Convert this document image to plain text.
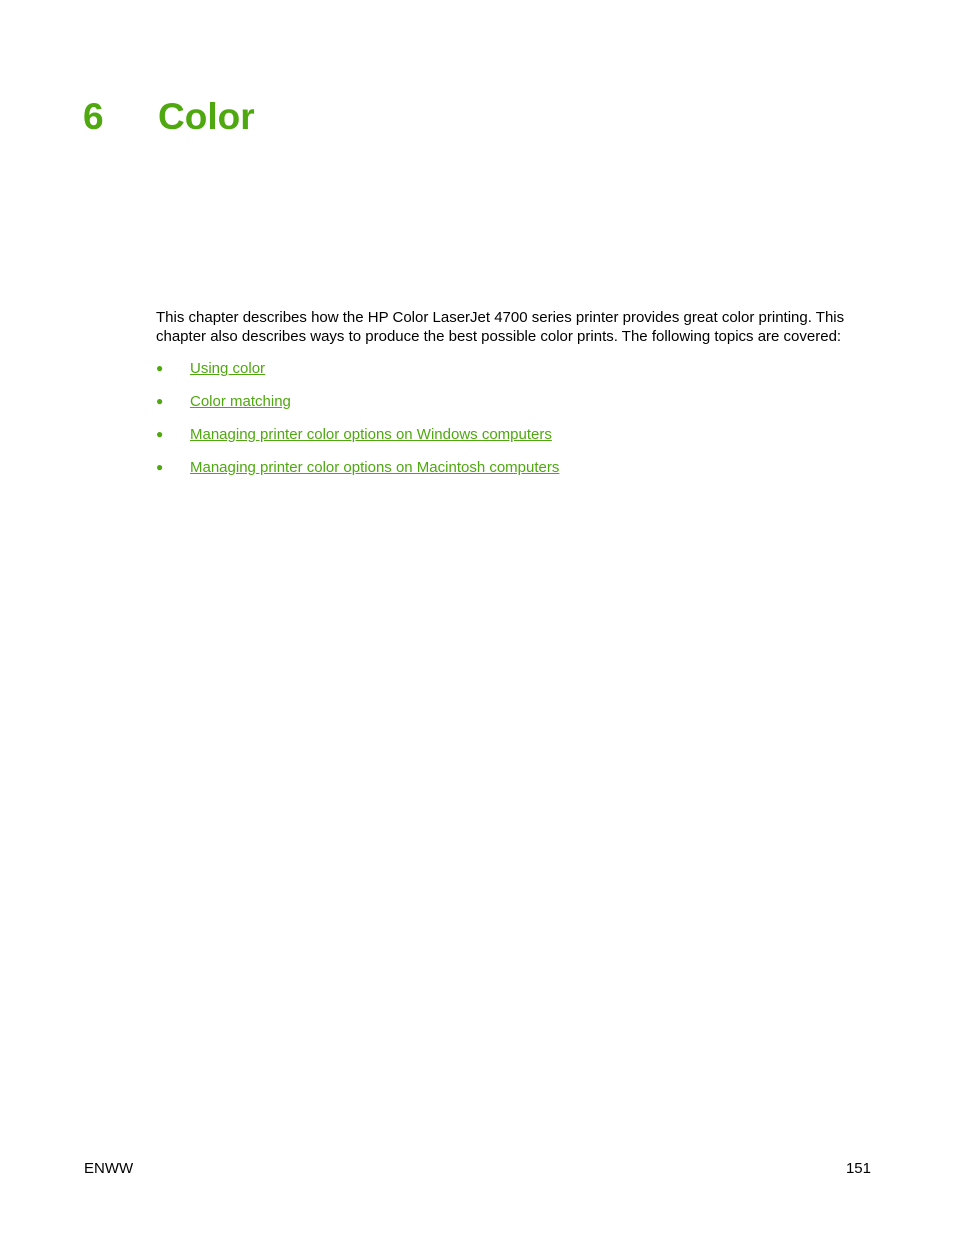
6 Color

This chapter describes how the HP Color LaserJet 4700 series printer provides great color printing. This chapter also describes ways to produce the best possible color prints. The following topics are covered:

●	Using color
●	Color matching
●	Managing printer color options on Windows computers
●	Managing printer color options on Macintosh computers
ENWW	151
